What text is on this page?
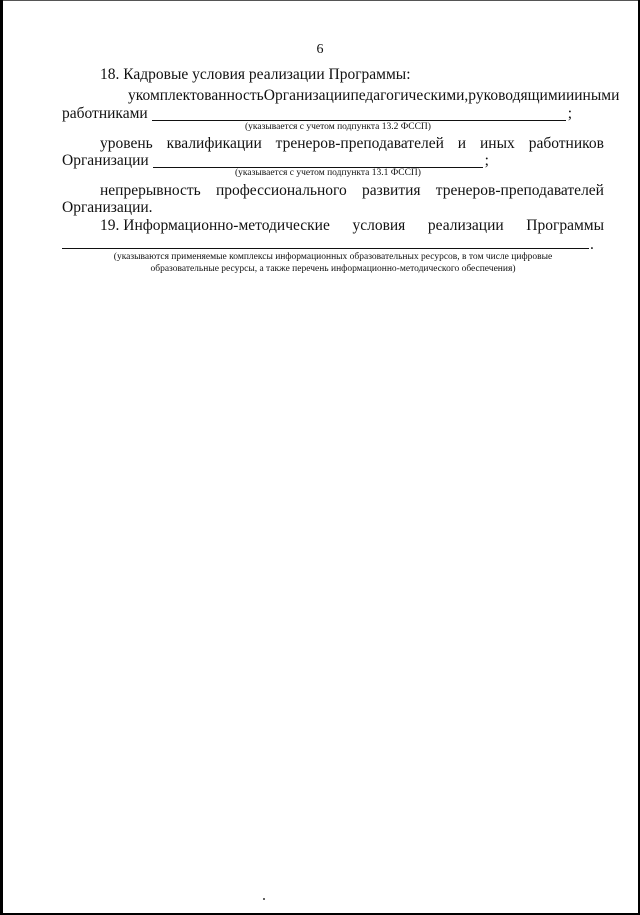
6
18. Кадровые условия реализации Программы:
укомплектованность Организации педагогическими, руководящими и иными
работниками	;
(указывается с учетом подпункта 13.2 ФССП)
уровень квалификации тренеров-преподавателей и иных работников
Организации	;
(указывается с учетом подпункта 13.1 ФССП)
непрерывность профессионального развития тренеров-преподавателей
Организации.
19. Информационно-методические условия реализации Программы
.
(указываются применяемые комплексы информационных образовательных ресурсов, в том числе цифровые
образовательные ресурсы, а также перечень информационно-методического обеспечения)
